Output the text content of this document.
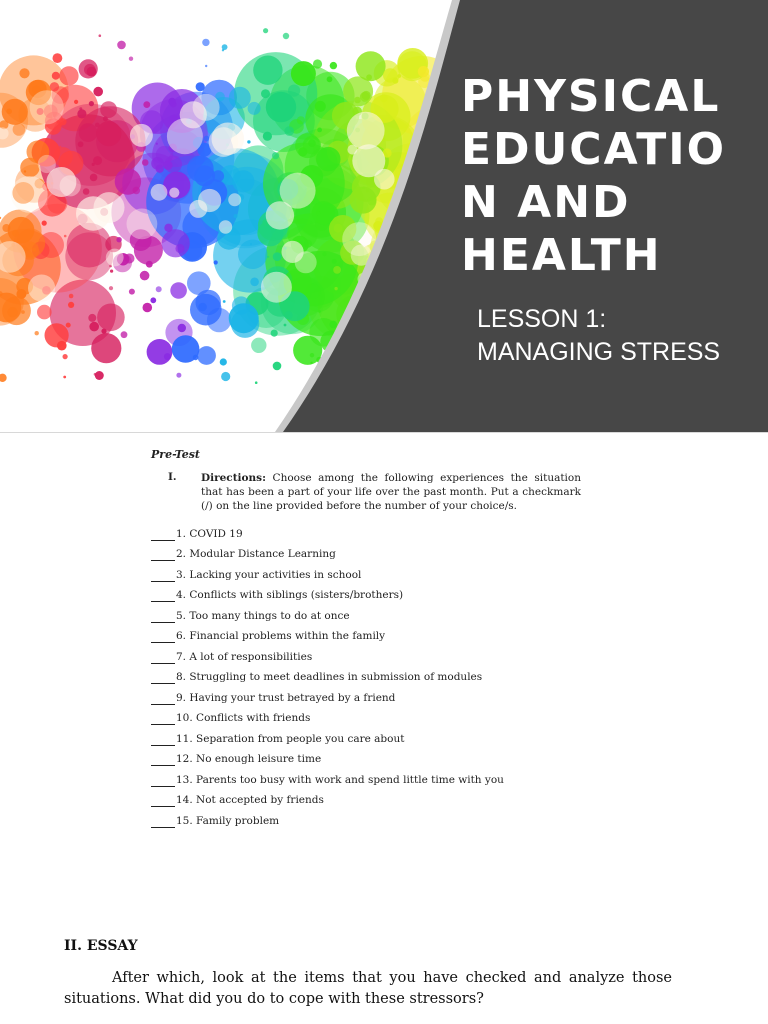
PHYSICAL EDUCATIO N AND HEALTH

LESSON 1:
MANAGING STRESS

Pre-Test
I. Directions: Choose among the following experiences the situation that has been a part of your life over the past month. Put a checkmark (/) on the line provided before the number of your choice/s.

1. COVID 19
2. Modular Distance Learning
3. Lacking your activities in school
4. Conflicts with siblings (sisters/brothers)
5. Too many things to do at once
6. Financial problems within the family
7. A lot of responsibilities
8. Struggling to meet deadlines in submission of modules
9. Having your trust betrayed by a friend
10. Conflicts with friends
11. Separation from people you care about
12. No enough leisure time
13. Parents too busy with work and spend little time with you
14. Not accepted by friends
15. Family problem
II. ESSAY

After which, look at the items that you have checked and analyze those situations. What did you do to cope with these stressors?
